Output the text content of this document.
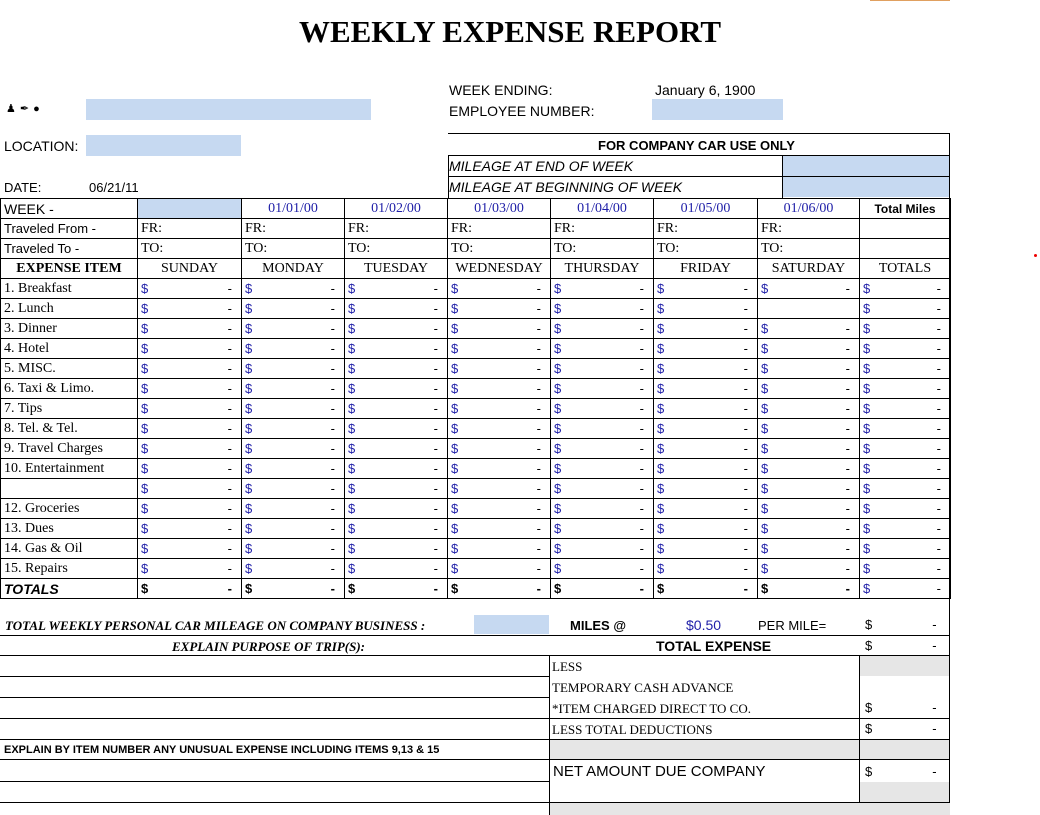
WEEKLY EXPENSE REPORT
♟✒●
WEEK ENDING:	January 6, 1900
EMPLOYEE NUMBER:
LOCATION:	FOR COMPANY CAR USE ONLY
MILEAGE AT END OF WEEK
MILEAGE AT BEGINNING OF WEEK
DATE:	06/21/11
WEEK -		01/01/00	01/02/00	01/03/00	01/04/00	01/05/00	01/06/00	Total Miles
Traveled From -	FR:	FR:	FR:	FR:	FR:	FR:	FR:	
Traveled To -	TO:	TO:	TO:	TO:	TO:	TO:	TO:	
EXPENSE ITEM	SUNDAY	MONDAY	TUESDAY	WEDNESDAY	THURSDAY	FRIDAY	SATURDAY	TOTALS
1. Breakfast	$ -	$ -	$ -	$ -	$ -	$ -	$ -	$ -

2. Lunch	$ -	$ -	$ -	$ -	$ -	$ -		$ -

3. Dinner	$ -	$ -	$ -	$ -	$ -	$ -	$ -	$ -

4. Hotel	$ -	$ -	$ -	$ -	$ -	$ -	$ -	$ -

5. MISC.	$ -	$ -	$ -	$ -	$ -	$ -	$ -	$ -

6. Taxi & Limo.	$ -	$ -	$ -	$ -	$ -	$ -	$ -	$ -

7. Tips	$ -	$ -	$ -	$ -	$ -	$ -	$ -	$ -

8. Tel. & Tel.	$ -	$ -	$ -	$ -	$ -	$ -	$ -	$ -

9. Travel Charges	$ -	$ -	$ -	$ -	$ -	$ -	$ -	$ -

10. Entertainment	$ -	$ -	$ -	$ -	$ -	$ -	$ -	$ -

	$ -	$ -	$ -	$ -	$ -	$ -	$ -	$ -

12. Groceries	$ -	$ -	$ -	$ -	$ -	$ -	$ -	$ -

13. Dues	$ -	$ -	$ -	$ -	$ -	$ -	$ -	$ -

14. Gas & Oil	$ -	$ -	$ -	$ -	$ -	$ -	$ -	$ -

15. Repairs	$ -	$ -	$ -	$ -	$ -	$ -	$ -	$ -

TOTALS	$ -	$ -	$ -	$ -	$ -	$ -	$ -	$ -
TOTAL WEEKLY PERSONAL CAR MILEAGE ON COMPANY BUSINESS :	MILES @	$0.50	PER MILE=	$	-
EXPLAIN PURPOSE OF TRIP(S):	TOTAL EXPENSE	$	-
LESS
TEMPORARY CASH ADVANCE
*ITEM CHARGED DIRECT TO CO.	$	-
LESS TOTAL DEDUCTIONS	$	-
EXPLAIN BY ITEM NUMBER ANY UNUSUAL EXPENSE INCLUDING ITEMS 9,13 & 15
NET AMOUNT DUE COMPANY	$	-
